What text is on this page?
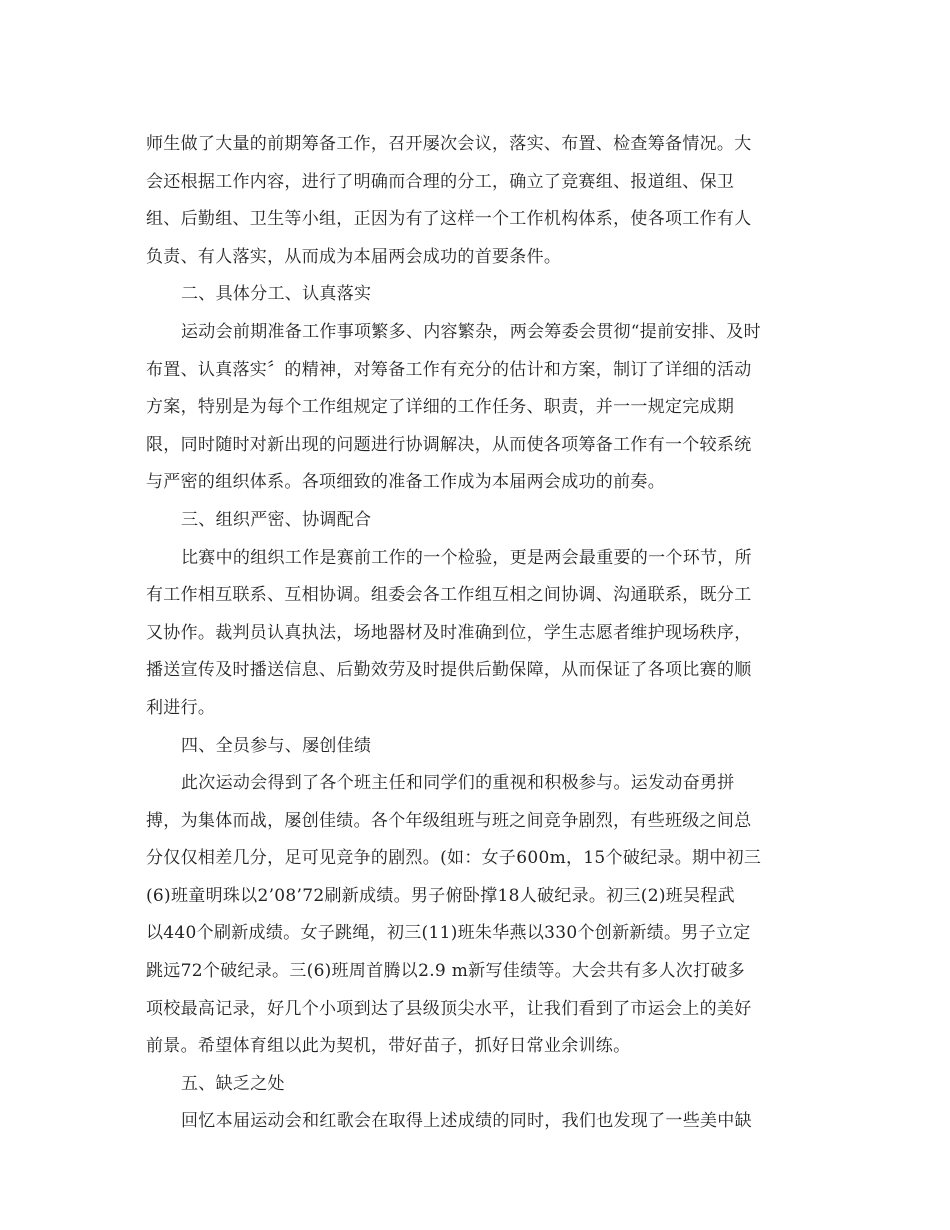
师生做了大量的前期筹备工作，召开屡次会议，落实、布置、检查筹备情况。大
会还根据工作内容，进行了明确而合理的分工，确立了竞赛组、报道组、保卫
组、后勤组、卫生等小组，正因为有了这样一个工作机构体系，使各项工作有人
负责、有人落实，从而成为本届两会成功的首要条件。
二、具体分工、认真落实
运动会前期准备工作事项繁多、内容繁杂，两会筹委会贯彻“提前安排、及时
布置、认真落实〞的精神，对筹备工作有充分的估计和方案，制订了详细的活动
方案，特别是为每个工作组规定了详细的工作任务、职责，并一一规定完成期
限，同时随时对新出现的问题进行协调解决，从而使各项筹备工作有一个较系统
与严密的组织体系。各项细致的准备工作成为本届两会成功的前奏。
三、组织严密、协调配合
比赛中的组织工作是赛前工作的一个检验，更是两会最重要的一个环节，所
有工作相互联系、互相协调。组委会各工作组互相之间协调、沟通联系，既分工
又协作。裁判员认真执法，场地器材及时准确到位，学生志愿者维护现场秩序，
播送宣传及时播送信息、后勤效劳及时提供后勤保障，从而保证了各项比赛的顺
利进行。
四、全员参与、屡创佳绩
此次运动会得到了各个班主任和同学们的重视和积极参与。运发动奋勇拼
搏，为集体而战，屡创佳绩。各个年级组班与班之间竞争剧烈，有些班级之间总
分仅仅相差几分，足可见竞争的剧烈。(如：女子600m，15个破纪录。期中初三
(6)班童明珠以2’08’72刷新成绩。男子俯卧撑18人破纪录。初三(2)班吴程武
以440个刷新成绩。女子跳绳，初三(11)班朱华燕以330个创新新绩。男子立定
跳远72个破纪录。三(6)班周首腾以2.9 m新写佳绩等。大会共有多人次打破多
项校最高记录，好几个小项到达了县级顶尖水平，让我们看到了市运会上的美好
前景。希望体育组以此为契机，带好苗子，抓好日常业余训练。
五、缺乏之处
回忆本届运动会和红歌会在取得上述成绩的同时，我们也发现了一些美中缺
